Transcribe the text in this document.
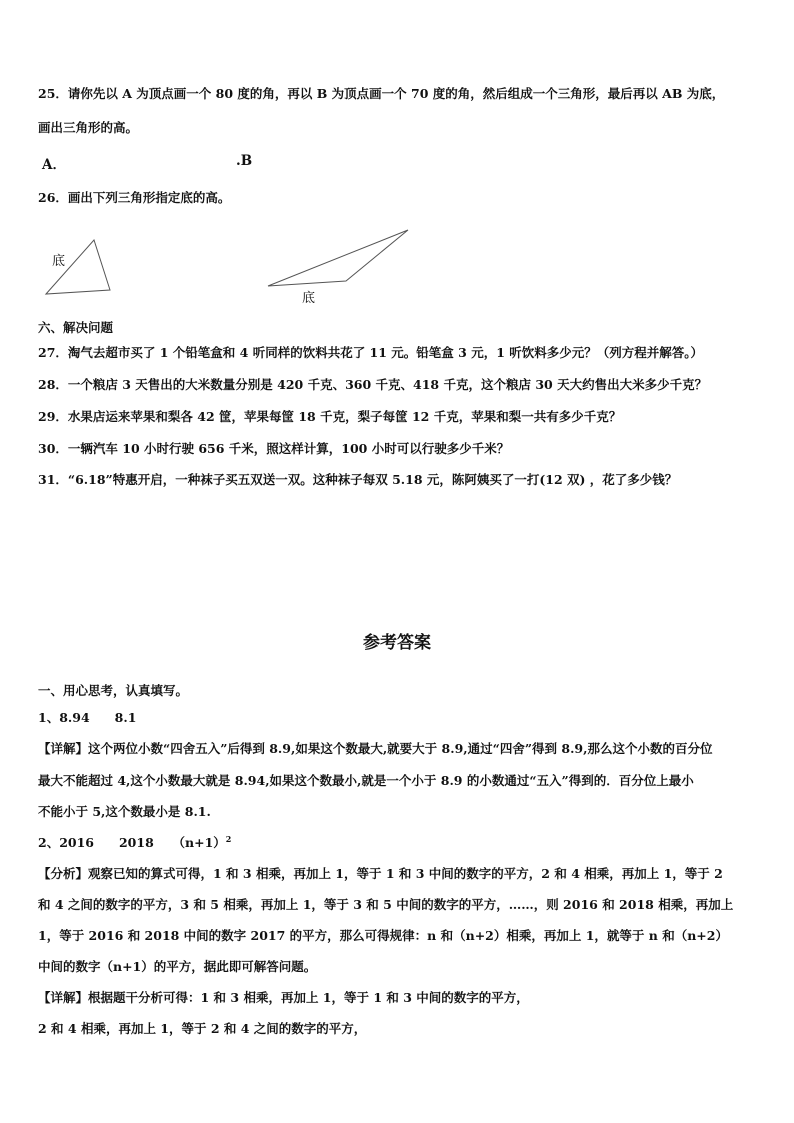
25．请你先以 A 为顶点画一个 80 度的角，再以 B 为顶点画一个 70 度的角，然后组成一个三角形，最后再以 AB 为底，
画出三角形的高。
A．	.B
26．画出下列三角形指定底的高。
底
底
六、解决问题
27．淘气去超市买了 1 个铅笔盒和 4 听同样的饮料共花了 11 元。铅笔盒 3 元，1 听饮料多少元？（列方程并解答。）
28．一个粮店 3 天售出的大米数量分别是 420 千克、360 千克、418 千克，这个粮店 30 天大约售出大米多少千克？
29．水果店运来苹果和梨各 42 筐，苹果每筐 18 千克，梨子每筐 12 千克，苹果和梨一共有多少千克？
30．一辆汽车 10 小时行驶 656 千米，照这样计算，100 小时可以行驶多少千米？
31．“6.18”特惠开启，一种袜子买五双送一双。这种袜子每双 5.18 元，陈阿姨买了一打(12 双) ，花了多少钱？
参考答案
一、用心思考，认真填写。
1、8.94　　8.1
【详解】这个两位小数“四舍五入”后得到 8.9,如果这个数最大,就要大于 8.9,通过“四舍”得到 8.9,那么这个小数的百分位
最大不能超过 4,这个小数最大就是 8.94,如果这个数最小,就是一个小于 8.9 的小数通过“五入”得到的．百分位上最小
不能小于 5,这个数最小是 8.1.
2、2016　　2018　　$(n+1)^2$
【分析】观察已知的算式可得，1 和 3 相乘，再加上 1，等于 1 和 3 中间的数字的平方，2 和 4 相乘，再加上 1，等于 2
和 4 之间的数字的平方，3 和 5 相乘，再加上 1，等于 3 和 5 中间的数字的平方，……，则 2016 和 2018 相乘，再加上
1，等于 2016 和 2018 中间的数字 2017 的平方，那么可得规律：n 和（n+2）相乘，再加上 1，就等于 n 和（n+2）
中间的数字（n+1）的平方，据此即可解答问题。
【详解】根据题干分析可得：1 和 3 相乘，再加上 1，等于 1 和 3 中间的数字的平方，
2 和 4 相乘，再加上 1，等于 2 和 4 之间的数字的平方，
